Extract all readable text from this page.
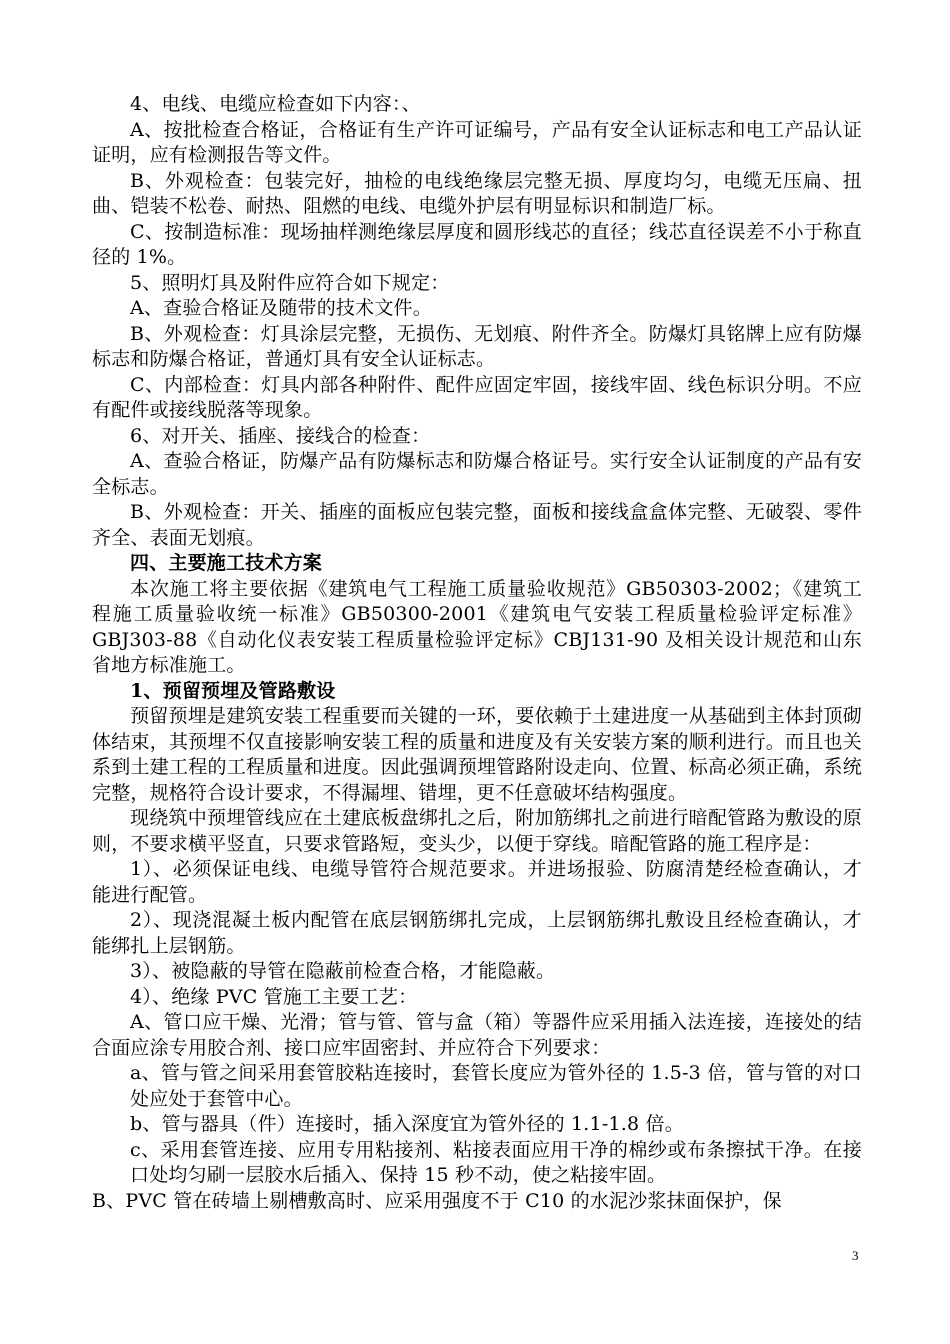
4、电线、电缆应检查如下内容：、

A、按批检查合格证，合格证有生产许可证编号，产品有安全认证标志和电工产品认证证明，应有检测报告等文件。

B、外观检查：包装完好，抽检的电线绝缘层完整无损、厚度均匀，电缆无压扁、扭曲、铠装不松卷、耐热、阻燃的电线、电缆外护层有明显标识和制造厂标。

C、按制造标准：现场抽样测绝缘层厚度和圆形线芯的直径；线芯直径误差不小于称直径的 1%。

5、照明灯具及附件应符合如下规定：

A、查验合格证及随带的技术文件。

B、外观检查：灯具涂层完整，无损伤、无划痕、附件齐全。防爆灯具铭牌上应有防爆标志和防爆合格证，普通灯具有安全认证标志。

C、内部检查：灯具内部各种附件、配件应固定牢固，接线牢固、线色标识分明。不应有配件或接线脱落等现象。

6、对开关、插座、接线合的检查：

A、查验合格证，防爆产品有防爆标志和防爆合格证号。实行安全认证制度的产品有安全标志。

B、外观检查：开关、插座的面板应包装完整，面板和接线盒盒体完整、无破裂、零件齐全、表面无划痕。

四、主要施工技术方案

本次施工将主要依据《建筑电气工程施工质量验收规范》GB50303-2002；《建筑工程施工质量验收统一标准》GB50300-2001《建筑电气安装工程质量检验评定标准》GBJ303-88《自动化仪表安装工程质量检验评定标》CBJ131-90 及相关设计规范和山东省地方标准施工。

1、预留预埋及管路敷设

预留预埋是建筑安装工程重要而关键的一环，要依赖于土建进度一从基础到主体封顶砌体结束，其预埋不仅直接影响安装工程的质量和进度及有关安装方案的顺利进行。而且也关系到土建工程的工程质量和进度。因此强调预埋管路附设走向、位置、标高必须正确，系统完整，规格符合设计要求，不得漏埋、错埋，更不任意破坏结构强度。

现绕筑中预埋管线应在土建底板盘绑扎之后，附加筋绑扎之前进行暗配管路为敷设的原则，不要求横平竖直，只要求管路短，变头少，以便于穿线。暗配管路的施工程序是：

1）、必须保证电线、电缆导管符合规范要求。并进场报验、防腐清楚经检查确认，才能进行配管。

2）、现浇混凝土板内配管在底层钢筋绑扎完成，上层钢筋绑扎敷设且经检查确认，才能绑扎上层钢筋。

3）、被隐蔽的导管在隐蔽前检查合格，才能隐蔽。

4）、绝缘 PVC 管施工主要工艺：

A、管口应干燥、光滑；管与管、管与盒（箱）等器件应采用插入法连接，连接处的结合面应涂专用胶合剂、接口应牢固密封、并应符合下列要求：

a、管与管之间采用套管胶粘连接时，套管长度应为管外径的 1.5-3 倍，管与管的对口处应处于套管中心。

b、管与器具（件）连接时，插入深度宜为管外径的 1.1-1.8 倍。

c、采用套管连接、应用专用粘接剂、粘接表面应用干净的棉纱或布条擦拭干净。在接口处均匀刷一层胶水后插入、保持 15 秒不动，使之粘接牢固。

B、PVC 管在砖墙上剔槽敷高时、应采用强度不于 C10 的水泥沙浆抹面保护，保

3
